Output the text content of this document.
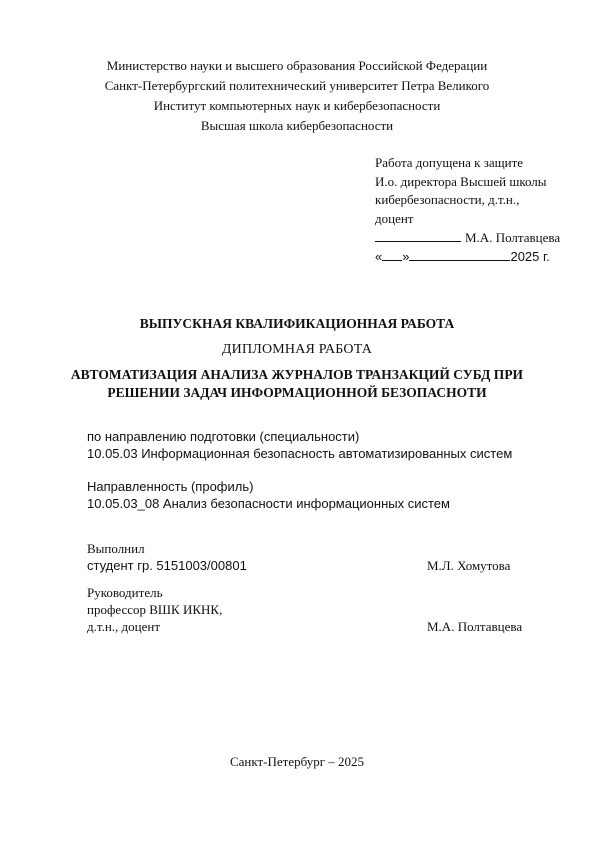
Министерство науки и высшего образования Российской Федерации
Санкт-Петербургский политехнический университет Петра Великого
Институт компьютерных наук и кибербезопасности
Высшая школа кибербезопасности
Работа допущена к защите
И.о. директора Высшей школы
кибербезопасности, д.т.н.,
доцент
М.А. Полтавцева
« »	2025 г.
ВЫПУСКНАЯ КВАЛИФИКАЦИОННАЯ РАБОТА
ДИПЛОМНАЯ РАБОТА
АВТОМАТИЗАЦИЯ АНАЛИЗА ЖУРНАЛОВ ТРАНЗАКЦИЙ СУБД ПРИ
РЕШЕНИИ ЗАДАЧ ИНФОРМАЦИОННОЙ БЕЗОПАСНОТИ
по направлению подготовки (специальности)
10.05.03 Информационная безопасность автоматизированных систем
Направленность (профиль)
10.05.03_08 Анализ безопасности информационных систем
Выполнил
студент гр. 5151003/00801	М.Л. Хомутова
Руководитель
профессор ВШК ИКНК,
д.т.н., доцент	М.А. Полтавцева
Санкт-Петербург – 2025
